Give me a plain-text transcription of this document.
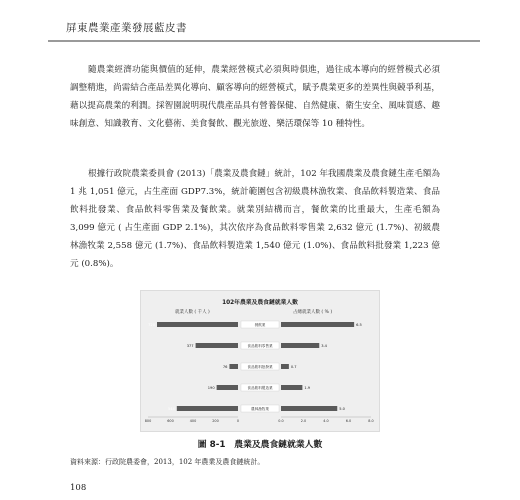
屏東農業產業發展藍皮書

隨農業經濟功能與價值的延伸，農業經營模式必須與時俱進，過往成本導向的經營模式必須調整精進，尚需結合產品差異化導向、顧客導向的經營模式，賦予農業更多的差異性與競爭利基，藉以提高農業的利潤。採智園說明現代農產品具有營養保健、自然健康、衛生安全、風味質感、趣味創意、知識教育、文化藝術、美食餐飲、觀光旅遊、樂活環保等 10 種特性。

根據行政院農業委員會 (2013)「農業及農食鏈」統計，102 年我國農業及農食鏈生產毛額為 1 兆 1,051 億元，占生產面 GDP7.3%，統計範圍包含初級農林漁牧業、食品飲料製造業、食品飲料批發業、食品飲料零售業及餐飲業。就業別結構而言，餐飲業的比重最大，生產毛額為 3,099 億元 ( 占生產面 GDP 2.1%)，其次依序為食品飲料零售業 2,632 億元 (1.7%)、初級農林漁牧業 2,558 億元 (1.7%)、食品飲料製造業 1,540 億元 (1.0%)、食品飲料批發業 1,223 億元 (0.8%)。

102年農業及農食鏈就業人數
就業人數 ( 千人 )	占總就業人數 ( % )
餐飲業
720	6.5
食品飲料零售業
377	3.4
食品飲料批發業
76	0.7
食品飲料製造業
190	1.9
農林漁牧業
544	5.0
800	600	400	200	0	0.0	2.0	4.0	6.0	8.0
圖 8-1　農業及農食鏈就業人數
資料來源：行政院農委會，2013，102 年農業及農食鏈統計。
108
